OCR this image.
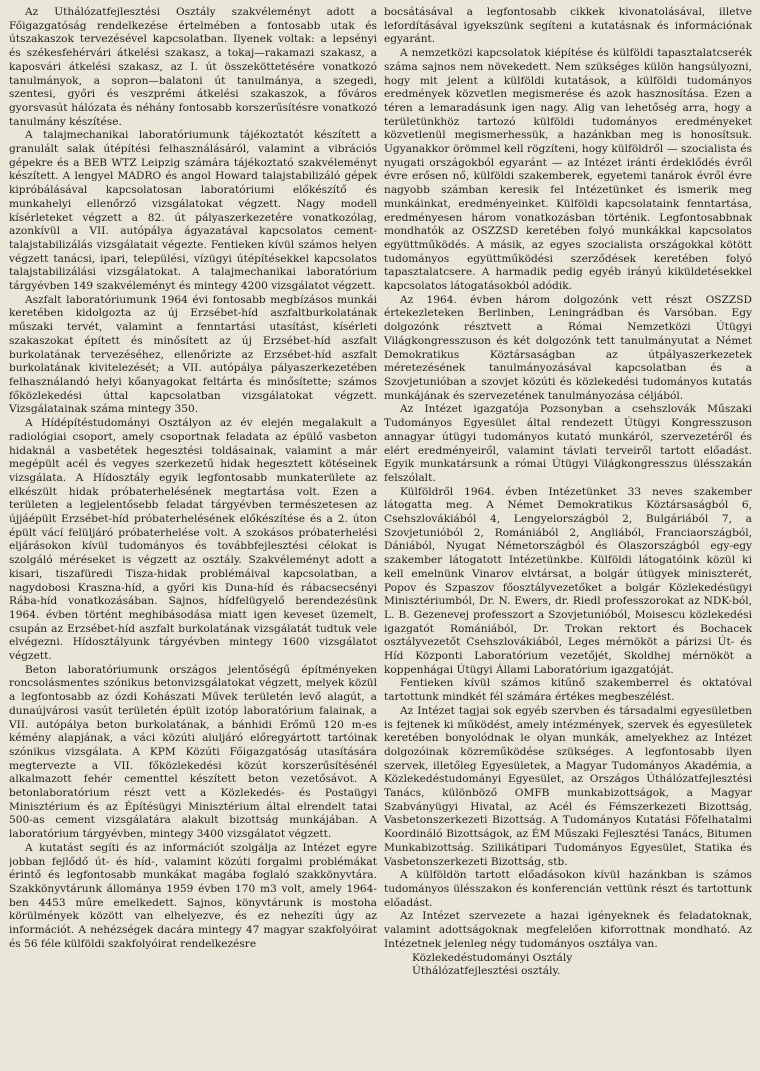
Az Úthálózatfejlesztési Osztály szakvéleményt adott a Főigazgatóság rendelkezése értelmében a fontosabb utak és útszakaszok tervezésével kapcsolatban. Ilyenek voltak: a lepsényi és székesfehérvári átkelési szakasz, a tokaj—rakamazi szakasz, a kaposvári átkelési szakasz, az I. út összeköttetésére vonatkozó tanulmányok, a sopron—balatoni út tanulmánya, a szegedi, szentesi, győri és veszprémi átkelési szakaszok, a főváros gyorsvasút hálózata és néhány fontosabb korszerűsítésre vonatkozó tanulmány készítése.

A talajmechanikai laboratóriumunk tájékoztatót készített a granulált salak útépítési felhasználásáról, valamint a vibrációs gépekre és a BEB WTZ Leipzig számára tájékoztató szakvéleményt készített. A lengyel MADRO és angol Howard talajstabilizáló gépek kipróbálásával kapcsolatosan laboratóriumi előkészítő és munkahelyi ellenőrző vizsgálatokat végzett. Nagy modell kísérleteket végzett a 82. út pályaszerkezetére vonatkozólag, azonkívül a VII. autópálya ágyazatával kapcsolatos cement- talajstabilizálás vizsgálatait végezte. Fentieken kívül számos helyen végzett tanácsi, ipari, települési, vízügyi útépítésekkel kapcsolatos talajstabilizálási vizsgálatokat. A talajmechanikai laboratórium tárgyévben 149 szakvéleményt és mintegy 4200 vizsgálatot végzett.

Aszfalt laboratóriumunk 1964 évi fontosabb megbízásos munkái keretében kidolgozta az új Erzsébet-híd aszfaltburkolatának műszaki tervét, valamint a fenntartási utasítást, kísérleti szakaszokat épített és minősített az új Erzsébet-híd aszfalt burkolatának tervezéséhez, ellenőrizte az Erzsébet-híd aszfalt burkolatának kivitelezését; a VII. autópálya pályaszerkezetében felhasználandó helyi kőanyagokat feltárta és minősítette; számos főközlekedési úttal kapcsolatban vizsgálatokat végzett. Vizsgálatainak száma mintegy 350.

A Hídépítéstudományi Osztályon az év elején megalakult a radiológiai csoport, amely csoportnak feladata az épülő vasbeton hidaknál a vasbetétek hegesztési toldásainak, valamint a már megépült acél és vegyes szerkezetű hidak hegesztett kötéseinek vizsgálata. A Hídosztály egyik legfontosabb munkaterülete az elkészült hidak próbaterhelésének megtartása volt. Ezen a területen a legjelentősebb feladat tárgyévben természetesen az újjáépült Erzsébet-híd próbaterhelésének előkészítése és a 2. úton épült vácí felüljáró próbaterhelése volt. A szokásos próbaterhelési eljárásokon kívül tudományos és továbbfejlesztési célokat is szolgáló méréseket is végzett az osztály. Szakvéleményt adott a kisari, tiszafüredi Tisza-hidak problémáival kapcsolatban, a nagydobosi Kraszna-híd, a győri kis Duna-híd és rábacsecsényi Rába-híd vonatkozásában. Sajnos, hídfelügyelő berendezésünk 1964. évben történt meghibásodása miatt igen keveset üzemelt, csupán az Erzsébet-híd aszfalt burkolatának vizsgálatát tudtuk vele elvégezni. Hídosztályunk tárgyévben mintegy 1600 vizsgálatot végzett.

Beton laboratóriumunk országos jelentőségű építményeken roncsolásmentes szónikus betonvizsgálatokat végzett, melyek közül a legfontosabb az ózdi Kohászati Művek területén levő alagút, a dunaújvárosi vasút területén épült izotóp laboratórium falainak, a VII. autópálya beton burkolatának, a bánhidi Erőmű 120 m-es kémény alapjának, a váci közúti aluljáró előregyártott tartóinak szónikus vizsgálata. A KPM Közúti Főigazgatóság utasítására megtervezte a VII. főközlekedési közút korszerűsítésénél alkalmazott fehér cementtel készített beton vezetősávot. A betonlaboratórium részt vett a Közlekedés- és Postaügyi Minisztérium és az Építésügyi Minisztérium által elrendelt tatai 500-as cement vizsgálatára alakult bizottság munkájában. A laboratórium tárgyévben, mintegy 3400 vizsgálatot végzett.

A kutatást segíti és az információt szolgálja az Intézet egyre jobban fejlődő út- és híd-, valamint közúti forgalmi problémákat érintő és legfontosabb munkákat magába foglaló szakkönyvtára. Szakkönyvtárunk állománya 1959 évben 170 m3 volt, amely 1964-ben 4453 műre emelkedett. Sajnos, könyvtárunk is mostoha körülmények között van elhelyezve, és ez nehezíti úgy az információt. A nehézségek dacára mintegy 47 magyar szakfolyóirat és 56 féle külföldi szakfolyóirat rendelkezésre

bocsátásával a legfontosabb cikkek kivonatolásával, illetve lefordításával igyekszünk segíteni a kutatásnak és információnak egyaránt.

A nemzetközi kapcsolatok kiépítése és külföldi tapasztalatcserék száma sajnos nem növekedett. Nem szükséges külön hangsúlyozni, hogy mit jelent a külföldi kutatások, a külföldi tudományos eredmények közvetlen megismerése és azok hasznosítása. Ezen a téren a lemaradásunk igen nagy. Alig van lehetőség arra, hogy a területünkhöz tartozó külföldi tudományos eredményeket közvetlenül megismerhessük, a hazánkban meg is honosítsuk. Ugyanakkor örömmel kell rögzíteni, hogy külföldről — szocialista és nyugati országokból egyaránt — az Intézet iránti érdeklődés évről évre erősen nő, külföldi szakemberek, egyetemi tanárok évről évre nagyobb számban keresik fel Intézetünket és ismerik meg munkáinkat, eredményeinket. Külföldi kapcsolataink fenntartása, eredményesen három vonatkozásban történik. Legfontosabbnak mondhatók az OSZZSD keretében folyó munkákkal kapcsolatos együttműködés. A másik, az egyes szocialista országokkal kötött tudományos együttműködési szerződések keretében folyó tapasztalatcsere. A harmadik pedig egyéb irányú kiküldetésekkel kapcsolatos látogatásokból adódik.

Az 1964. évben három dolgozónk vett részt OSZZSD értekezleteken Berlinben, Leningrádban és Varsóban. Egy dolgozónk résztvett a Római Nemzetközi Útügyi Világkongresszuson és két dolgozónk tett tanulmányutat a Német Demokratikus Köztársaságban az útpályaszerkezetek méretezésének tanulmányozásával kapcsolatban és a Szovjetunióban a szovjet közúti és közlekedési tudományos kutatás munkájának és szervezetének tanulmányozása céljából.

Az Intézet igazgatója Pozsonyban a csehszlovák Műszaki Tudományos Egyesület által rendezett Útügyi Kongresszuson annagyar útügyi tudományos kutató munkáról, szervezetéről és elért eredményeiről, valamint távlati terveiről tartott előadást. Egyik munkatársunk a római Útügyi Világkongresszus ülésszakán felszólalt.

Külföldről 1964. évben Intézetünket 33 neves szakember látogatta meg. A Német Demokratikus Köztársaságból 6, Csehszlovákiából 4, Lengyelországból 2, Bulgáriából 7, a Szovjetunióból 2, Romániából 2, Angliából, Franciaországból, Dániából, Nyugat Németországból és Olaszországból egy-egy szakember látogatott Intézetünkbe. Külföldi látogatóink közül ki kell emelnünk Vinarov elvtársat, a bolgár útügyek miniszterét, Popov és Szpaszov főosztályvezetőket a bolgár Közlekedésügyi Minisztériumból, Dr. N. Ewers, dr. Riedl professzorokat az NDK-ból, L. B. Gezenevej professzort a Szovjetunióból, Moisescu közlekedési igazgatót Romániából, Dr. Trokan rektort és Bochacek osztályvezetőt Csehszlovákiából, Leges mérnököt a párizsi Út- és Híd Központi Laboratórium vezetőjét, Skoldhej mérnököt a koppenhágai Útügyi Állami Laboratórium igazgatóját.

Fentieken kívül számos kitűnő szakemberrel és oktatóval tartottunk mindkét fél számára értékes megbeszélést.

Az Intézet tagjai sok egyéb szervben és társadalmi egyesületben is fejtenek ki működést, amely intézmények, szervek és egyesületek keretében bonyolódnak le olyan munkák, amelyekhez az Intézet dolgozóinak közreműködése szükséges. A legfontosabb ilyen szervek, illetőleg Egyesületek, a Magyar Tudományos Akadémia, a Közlekedéstudományi Egyesület, az Országos Úthálózatfejlesztési Tanács, különböző OMFB munkabizottságok, a Magyar Szabványügyi Hivatal, az Acél és Fémszerkezeti Bizottság, Vasbetonszerkezeti Bizottság. A Tudományos Kutatási Főfelhatalmi Koordináló Bizottságok, az ÉM Műszaki Fejlesztési Tanács, Bitumen Munkabizottság. Szilikátipari Tudományos Egyesület, Statika és Vasbetonszerkezeti Bizottság, stb.

A külföldön tartott előadásokon kívül hazánkban is számos tudományos ülésszakon és konferencián vettünk részt és tartottunk előadást.

Az Intézet szervezete a hazai igényeknek és feladatoknak, valamint adottságoknak megfelelően kiforrottnak mondható. Az Intézetnek jelenleg négy tudományos osztálya van.

Közlekedéstudományi Osztály

Úthálózatfejlesztési osztály.
